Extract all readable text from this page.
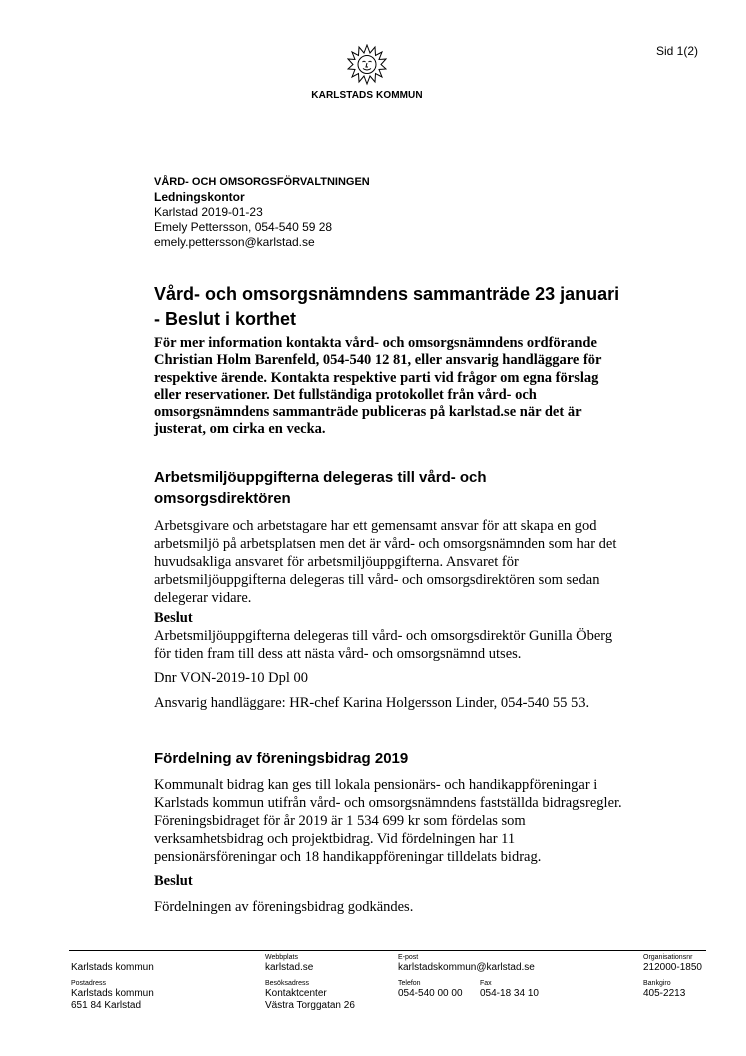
Sid 1(2)
KARLSTADS KOMMUN
VÅRD- OCH OMSORGSFÖRVALTNINGEN
Ledningskontor
Karlstad 2019-01-23
Emely Pettersson, 054-540 59 28
emely.pettersson@karlstad.se
Vård- och omsorgsnämndens sammanträde 23 januari - Beslut i korthet

För mer information kontakta vård- och omsorgsnämndens ordförande Christian Holm Barenfeld, 054-540 12 81, eller ansvarig handläggare för respektive ärende. Kontakta respektive parti vid frågor om egna förslag eller reservationer. Det fullständiga protokollet från vård- och omsorgsnämndens sammanträde publiceras på karlstad.se när det är justerat, om cirka en vecka.

Arbetsmiljöuppgifterna delegeras till vård- och omsorgsdirektören

Arbetsgivare och arbetstagare har ett gemensamt ansvar för att skapa en god arbetsmiljö på arbetsplatsen men det är vård- och omsorgsnämnden som har det huvudsakliga ansvaret för arbetsmiljöuppgifterna. Ansvaret för arbetsmiljöuppgifterna delegeras till vård- och omsorgsdirektören som sedan delegerar vidare.

Beslut

Arbetsmiljöuppgifterna delegeras till vård- och omsorgsdirektör Gunilla Öberg för tiden fram till dess att nästa vård- och omsorgsnämnd utses.

Dnr VON-2019-10 Dpl 00

Ansvarig handläggare: HR-chef Karina Holgersson Linder, 054-540 55 53.

Fördelning av föreningsbidrag 2019

Kommunalt bidrag kan ges till lokala pensionärs- och handikappföreningar i Karlstads kommun utifrån vård- och omsorgsnämndens fastställda bidragsregler. Föreningsbidraget för år 2019 är 1 534 699 kr som fördelas som verksamhetsbidrag och projektbidrag. Vid fördelningen har 11 pensionärsföreningar och 18 handikappföreningar tilldelats bidrag.

Beslut

Fördelningen av föreningsbidrag godkändes.

Karlstads kommun
Webbplats
karlstad.se
E-post
karlstadskommun@karlstad.se
Organisationsnr
212000-1850
Postadress
Karlstads kommun
651 84 Karlstad
Besöksadress
Kontaktcenter
Västra Torggatan 26
Telefon
054-540 00 00
Fax
054-18 34 10
Bankgiro
405-2213
